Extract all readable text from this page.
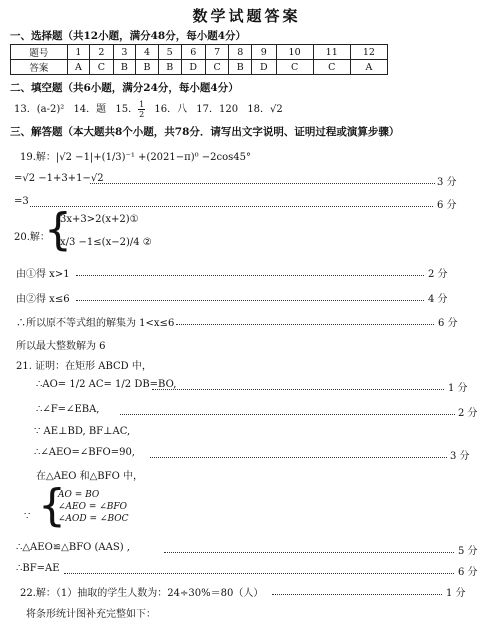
数学试题答案
一、选择题（共12小题，满分48分，每小题4分）
题号	1	2	3	4	5	6	7	8	9	10	11	12
答案	A	C	B	B	B	D	C	B	D	C	C	A
二、填空题（共6小题，满分24分，每小题4分）
13．(a-2)² 14．题 15． $\frac{1}{2} 16$．八 17．120 18．√2
三、解答题（本大题共8个小题，共78分．请写出文字说明、证明过程或演算步骤）
19.解：|√2 −1|+(1/3)⁻¹ +(2021−π)⁰ −2cos45°
=√2 −1+3+1−√2	3 分
=3	6 分
20.解：
{
3x+3>2(x+2)①
x/3 −1≤(x−2)/4 ②
由①得 x>1	2 分
由②得 x≤6	4 分
∴所以原不等式组的解集为 1<x≤6	6 分
所以最大整数解为 6
21. 证明：在矩形 ABCD 中，
∴AO= 1/2 AC= 1/2 DB=BO,	1 分
∴∠F=∠EBA,	2 分
∵ AE⊥BD, BF⊥AC,
∴∠AEO=∠BFO=90,	3 分
在△AEO 和△BFO 中，
∵ {
AO = BO
∠AEO = ∠BFO
∠AOD = ∠BOC
∴△AEO≌△BFO (AAS) ,	5 分
∴BF=AE	6 分
22.解：（1）抽取的学生人数为：24÷30%＝80（人）	1 分
将条形统计图补充完整如下：
